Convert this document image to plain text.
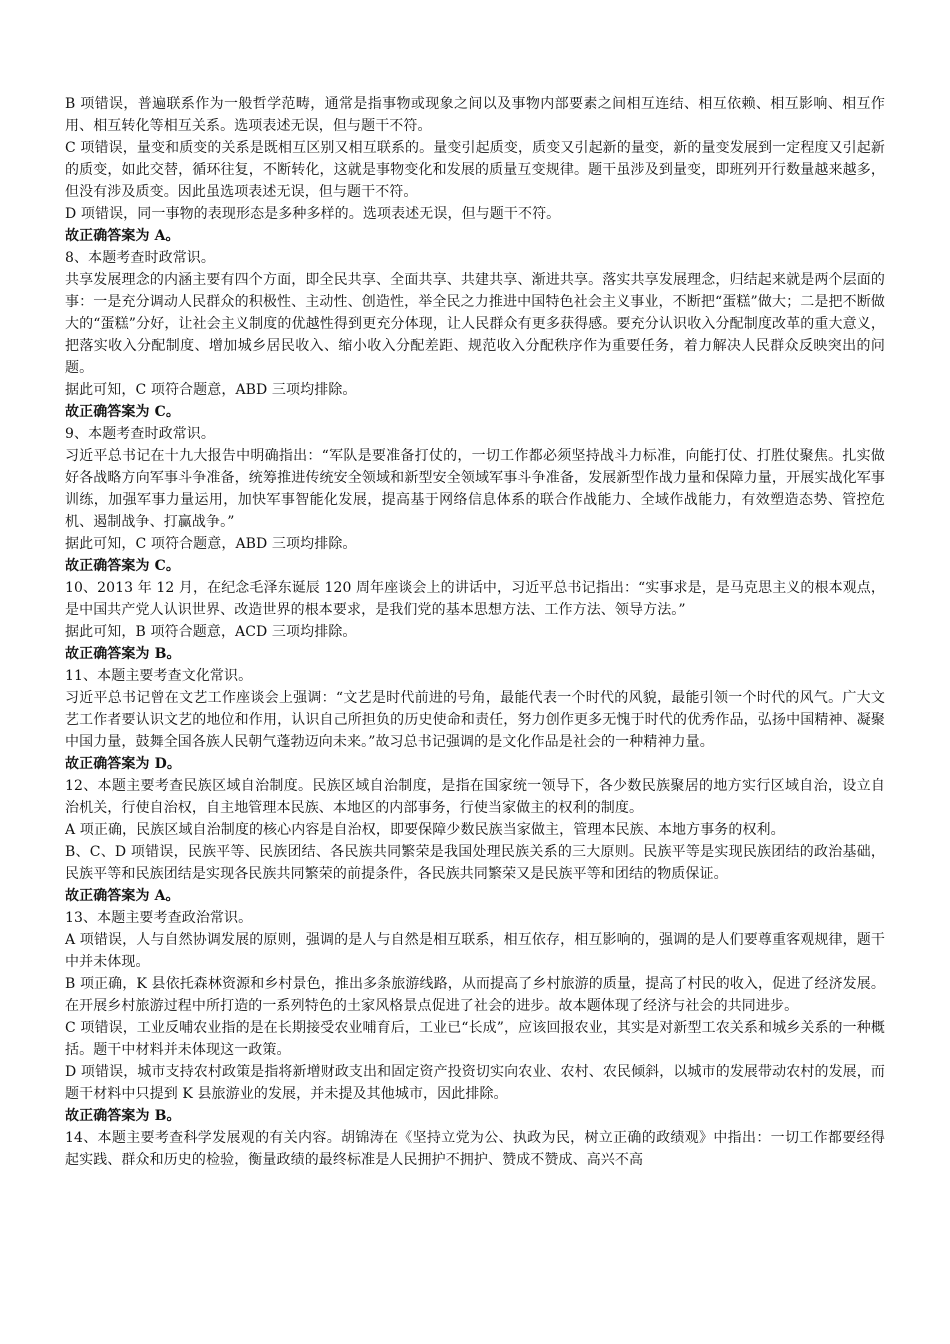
B 项错误，普遍联系作为一般哲学范畴，通常是指事物或现象之间以及事物内部要素之间相互连结、相互依赖、相互影响、相互作用、相互转化等相互关系。选项表述无误，但与题干不符。

C 项错误，量变和质变的关系是既相互区别又相互联系的。量变引起质变，质变又引起新的量变，新的量变发展到一定程度又引起新的质变，如此交替，循环往复，不断转化，这就是事物变化和发展的质量互变规律。题干虽涉及到量变，即班列开行数量越来越多，但没有涉及质变。因此虽选项表述无误，但与题干不符。

D 项错误，同一事物的表现形态是多种多样的。选项表述无误，但与题干不符。

故正确答案为 A。

8、本题考查时政常识。

共享发展理念的内涵主要有四个方面，即全民共享、全面共享、共建共享、渐进共享。落实共享发展理念，归结起来就是两个层面的事：一是充分调动人民群众的积极性、主动性、创造性，举全民之力推进中国特色社会主义事业，不断把“蛋糕”做大；二是把不断做大的“蛋糕”分好，让社会主义制度的优越性得到更充分体现，让人民群众有更多获得感。要充分认识收入分配制度改革的重大意义，把落实收入分配制度、增加城乡居民收入、缩小收入分配差距、规范收入分配秩序作为重要任务，着力解决人民群众反映突出的问题。

据此可知，C 项符合题意，ABD 三项均排除。

故正确答案为 C。

9、本题考查时政常识。

习近平总书记在十九大报告中明确指出：“军队是要准备打仗的，一切工作都必须坚持战斗力标准，向能打仗、打胜仗聚焦。扎实做好各战略方向军事斗争准备，统筹推进传统安全领域和新型安全领域军事斗争准备，发展新型作战力量和保障力量，开展实战化军事训练，加强军事力量运用，加快军事智能化发展，提高基于网络信息体系的联合作战能力、全域作战能力，有效塑造态势、管控危机、遏制战争、打赢战争。”

据此可知，C 项符合题意，ABD 三项均排除。

故正确答案为 C。

10、2013 年 12 月，在纪念毛泽东诞辰 120 周年座谈会上的讲话中，习近平总书记指出：“实事求是，是马克思主义的根本观点，是中国共产党人认识世界、改造世界的根本要求，是我们党的基本思想方法、工作方法、领导方法。”

据此可知，B 项符合题意，ACD 三项均排除。

故正确答案为 B。

11、本题主要考查文化常识。

习近平总书记曾在文艺工作座谈会上强调：“文艺是时代前进的号角，最能代表一个时代的风貌，最能引领一个时代的风气。广大文艺工作者要认识文艺的地位和作用，认识自己所担负的历史使命和责任，努力创作更多无愧于时代的优秀作品，弘扬中国精神、凝聚中国力量，鼓舞全国各族人民朝气蓬勃迈向未来。”故习总书记强调的是文化作品是社会的一种精神力量。

故正确答案为 D。

12、本题主要考查民族区域自治制度。民族区域自治制度，是指在国家统一领导下，各少数民族聚居的地方实行区域自治，设立自治机关，行使自治权，自主地管理本民族、本地区的内部事务，行使当家做主的权利的制度。

A 项正确，民族区域自治制度的核心内容是自治权，即要保障少数民族当家做主，管理本民族、本地方事务的权利。

B、C、D 项错误，民族平等、民族团结、各民族共同繁荣是我国处理民族关系的三大原则。民族平等是实现民族团结的政治基础，民族平等和民族团结是实现各民族共同繁荣的前提条件，各民族共同繁荣又是民族平等和团结的物质保证。

故正确答案为 A。

13、本题主要考查政治常识。

A 项错误，人与自然协调发展的原则，强调的是人与自然是相互联系，相互依存，相互影响的，强调的是人们要尊重客观规律，题干中并未体现。

B 项正确，K 县依托森林资源和乡村景色，推出多条旅游线路，从而提高了乡村旅游的质量，提高了村民的收入，促进了经济发展。在开展乡村旅游过程中所打造的一系列特色的土家风格景点促进了社会的进步。故本题体现了经济与社会的共同进步。

C 项错误，工业反哺农业指的是在长期接受农业哺育后，工业已“长成”，应该回报农业，其实是对新型工农关系和城乡关系的一种概括。题干中材料并未体现这一政策。

D 项错误，城市支持农村政策是指将新增财政支出和固定资产投资切实向农业、农村、农民倾斜，以城市的发展带动农村的发展，而题干材料中只提到 K 县旅游业的发展，并未提及其他城市，因此排除。

故正确答案为 B。

14、本题主要考查科学发展观的有关内容。胡锦涛在《坚持立党为公、执政为民，树立正确的政绩观》中指出：一切工作都要经得起实践、群众和历史的检验，衡量政绩的最终标准是人民拥护不拥护、赞成不赞成、高兴不高
